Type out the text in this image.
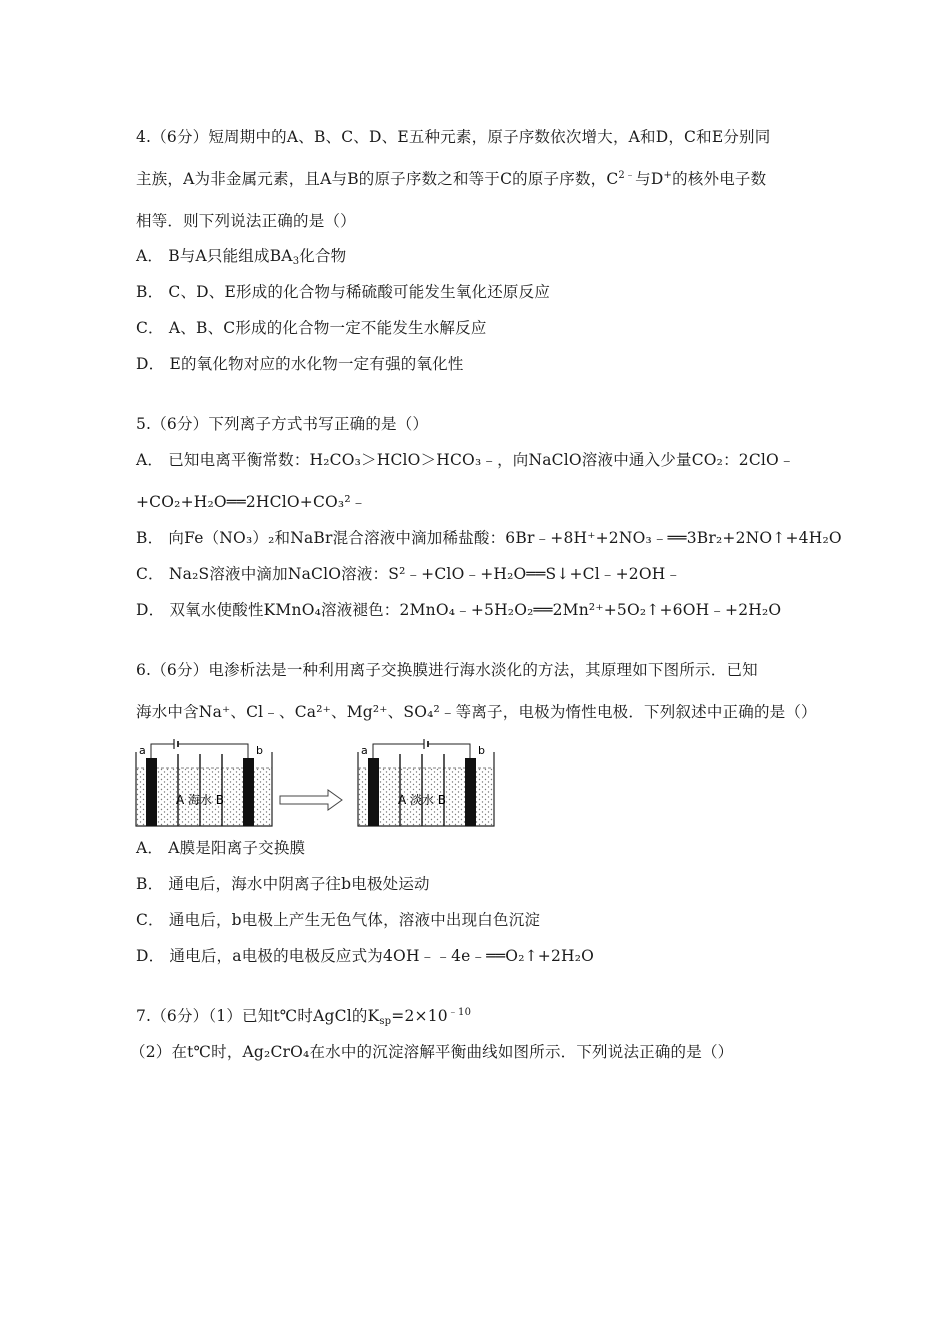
4.（6分）短周期中的A、B、C、D、E五种元素，原子序数依次增大，A和D，C和E分别同
主族，A为非金属元素，且A与B的原子序数之和等于C的原子序数，$C^{2﹣}$与D+的核外电子数
相等．则下列说法正确的是（）
A． B与A只能组成$BA_3$化合物
B． C、D、E形成的化合物与稀硫酸可能发生氧化还原反应
C． A、B、C形成的化合物一定不能发生水解反应
D． E的氧化物对应的水化物一定有强的氧化性
5.（6分）下列离子方式书写正确的是（）
A． 已知电离平衡常数：H₂CO₃＞HClO＞HCO₃﹣，向NaClO溶液中通入少量CO₂：2ClO﹣
+CO₂+H₂O══2HClO+CO₃²﹣
B． 向Fe（NO₃）₂和NaBr混合溶液中滴加稀盐酸：6Br﹣+8H⁺+2NO₃﹣══3Br₂+2NO↑+4H₂O
C． Na₂S溶液中滴加NaClO溶液：S²﹣+ClO﹣+H₂O══S↓+Cl﹣+2OH﹣
D． 双氧水使酸性KMnO₄溶液褪色：2MnO₄﹣+5H₂O₂══2Mn²⁺+5O₂↑+6OH﹣+2H₂O
6.（6分）电渗析法是一种利用离子交换膜进行海水淡化的方法，其原理如下图所示．已知
海水中含Na⁺、Cl﹣、Ca²⁺、Mg²⁺、SO₄²﹣等离子，电极为惰性电极．下列叙述中正确的是（）
a	b
A 海水 B
a	b
A 淡水 B
A． A膜是阳离子交换膜
B． 通电后，海水中阴离子往b电极处运动
C． 通电后，b电极上产生无色气体，溶液中出现白色沉淀
D． 通电后，a电极的电极反应式为4OH﹣﹣4e﹣══O₂↑+2H₂O
7.（6分）（1）已知t℃时AgCl的$K_{sp}=2\times 10^{﹣10}$
（2）在t℃时，Ag₂CrO₄在水中的沉淀溶解平衡曲线如图所示．下列说法正确的是（）
